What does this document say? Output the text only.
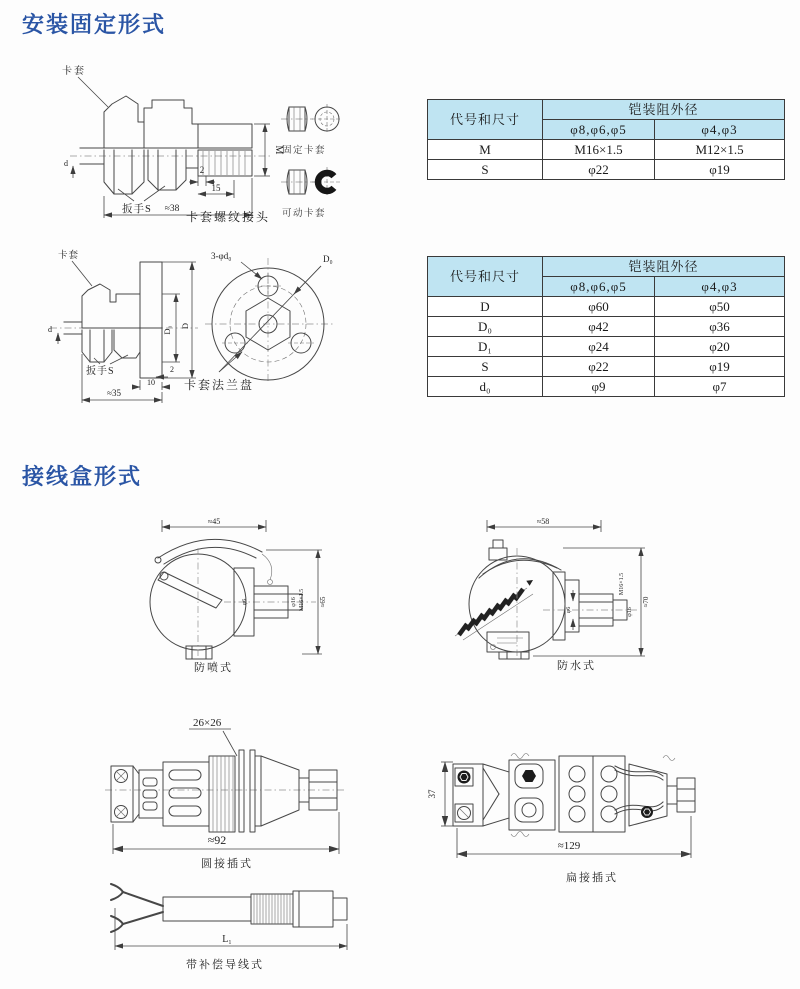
安装固定形式
卡套
d
扳手S
M
2
15
≈38
卡套螺纹接头
固定卡套
可动卡套
代号和尺寸	铠装阻外径	
	φ8,φ6,φ5	φ4,φ3
M	M16×1.5	M12×1.5
S	φ22	φ19
卡套
d
扳手S
D₁ D
2
10
≈35
D₀
3-φd₀
卡套法兰盘
代号和尺寸	铠装阻外径	
	φ8,φ6,φ5	φ4,φ3
D	φ60	φ50
D₀	φ42	φ36
D₁	φ24	φ20
S	φ22	φ19
d₀	φ9	φ7
接线盒形式
≈45
φ6	φ16 M16×1.5 ≈65
防喷式
≈58
φ6
M16×1.5
φ16
≈70
防水式
26×26
≈92
圆接插式
37
≈129
扁接插式
L₁
带补偿导线式
